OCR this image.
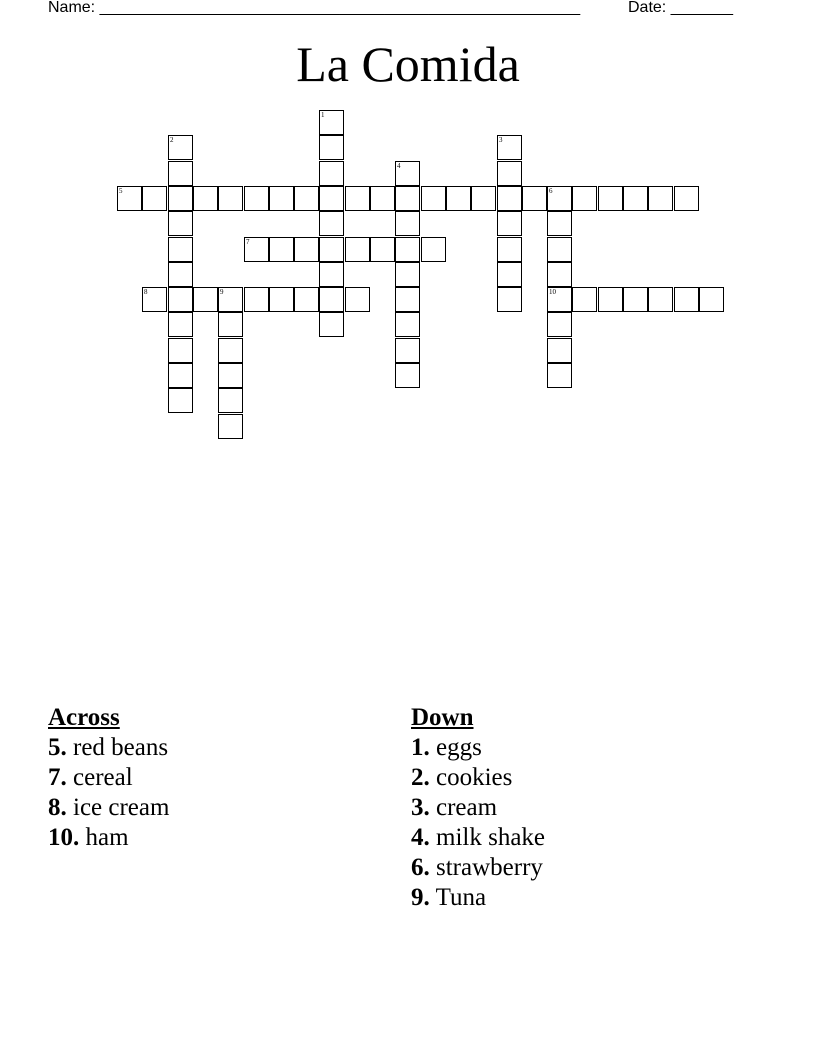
Name: ______________________________________________________	Date: _______
La Comida
1
2	3
4
5	6
10
7
8	9
Across
5. red beans
7. cereal
8. ice cream
10. ham
Down
1. eggs
2. cookies
3. cream
4. milk shake
6. strawberry
9. Tuna
